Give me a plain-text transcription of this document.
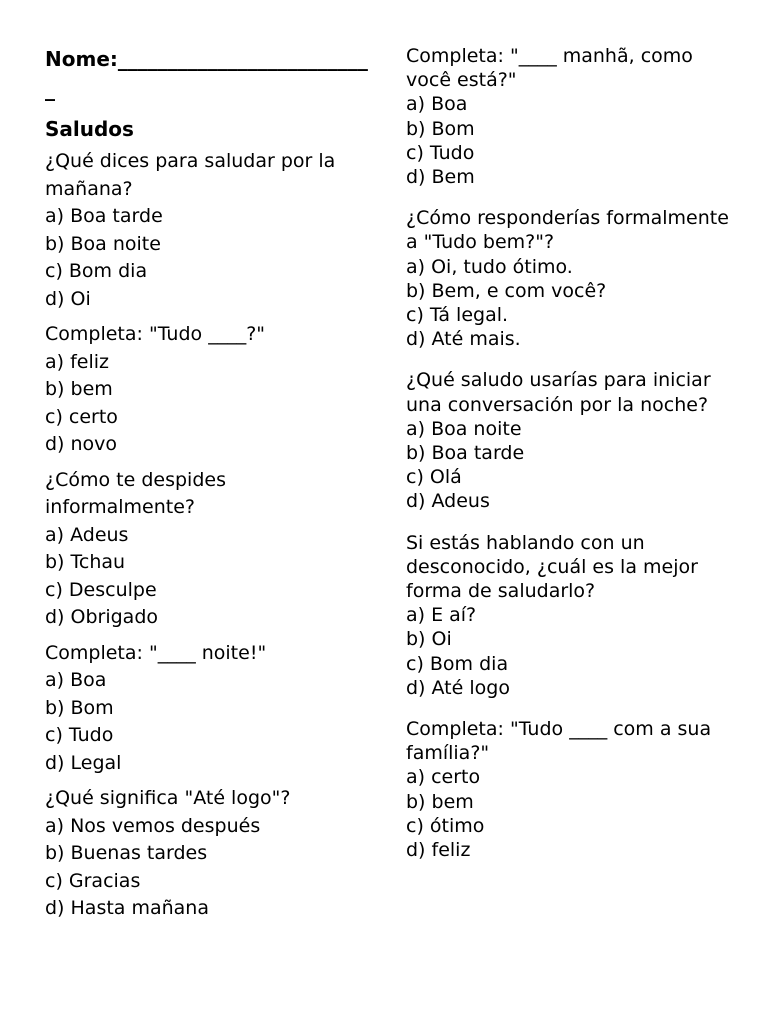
Nome:__________________________

Saludos
¿Qué dices para saludar por la mañana?
a) Boa tarde
b) Boa noite
c) Bom dia
d) Oi
Completa: "Tudo ____?"
a) feliz
b) bem
c) certo
d) novo
¿Cómo te despides informalmente?
a) Adeus
b) Tchau
c) Desculpe
d) Obrigado
Completa: "____ noite!"
a) Boa
b) Bom
c) Tudo
d) Legal
¿Qué significa "Até logo"?
a) Nos vemos después
b) Buenas tardes
c) Gracias
d) Hasta mañana
Completa: "____ manhã, como você está?"
a) Boa
b) Bom
c) Tudo
d) Bem
¿Cómo responderías formalmente a "Tudo bem?"?
a) Oi, tudo ótimo.
b) Bem, e com você?
c) Tá legal.
d) Até mais.
¿Qué saludo usarías para iniciar una conversación por la noche?
a) Boa noite
b) Boa tarde
c) Olá
d) Adeus
Si estás hablando con un desconocido, ¿cuál es la mejor forma de saludarlo?
a) E aí?
b) Oi
c) Bom dia
d) Até logo
Completa: "Tudo ____ com a sua família?"
a) certo
b) bem
c) ótimo
d) feliz
